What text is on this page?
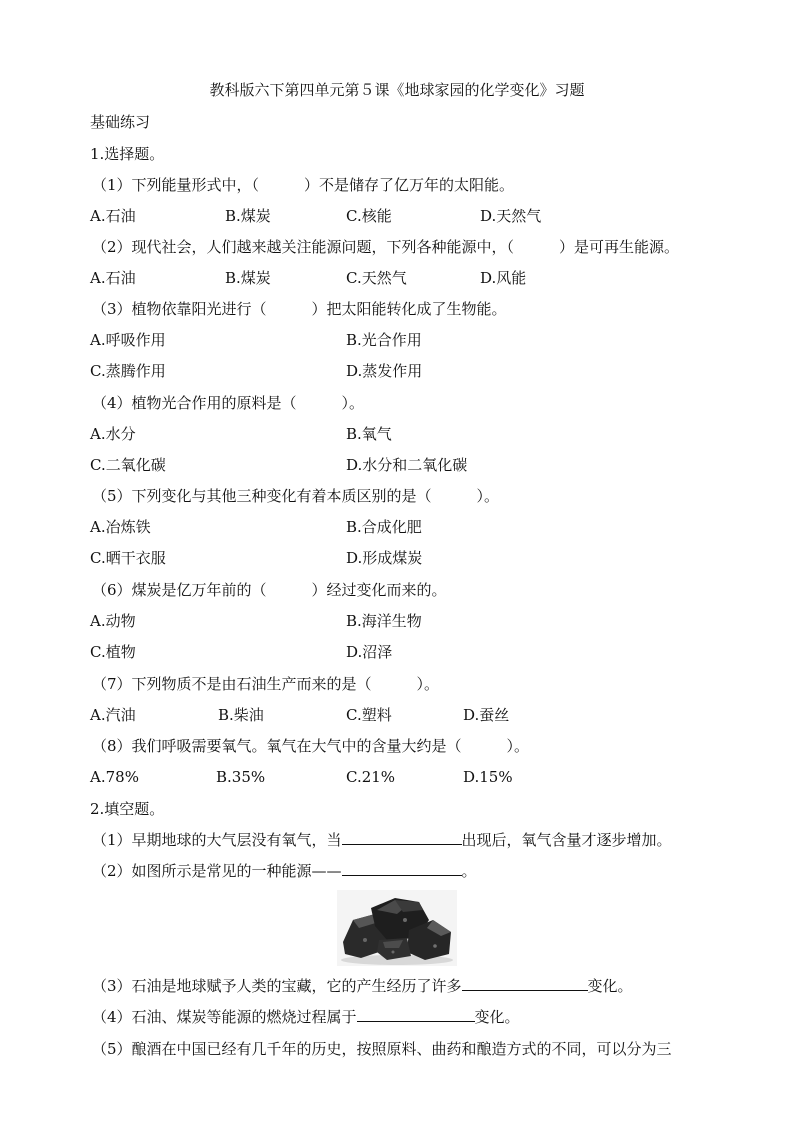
教科版六下第四单元第５课《地球家园的化学变化》习题
基础练习
1.选择题。
（1）下列能量形式中，（　　　）不是储存了亿万年的太阳能。
A.石油	B.煤炭	C.核能	D.天然气
（2）现代社会，人们越来越关注能源问题，下列各种能源中，（　　　）是可再生能源。
A.石油	B.煤炭	C.天然气	D.风能
（3）植物依靠阳光进行（　　　）把太阳能转化成了生物能。
A.呼吸作用	B.光合作用
C.蒸腾作用	D.蒸发作用
（4）植物光合作用的原料是（　　　）。
A.水分	B.氧气
C.二氧化碳	D.水分和二氧化碳
（5）下列变化与其他三种变化有着本质区别的是（　　　）。
A.冶炼铁	B.合成化肥
C.晒干衣服	D.形成煤炭
（6）煤炭是亿万年前的（　　　）经过变化而来的。
A.动物	B.海洋生物
C.植物	D.沼泽
（7）下列物质不是由石油生产而来的是（　　　）。
A.汽油	B.柴油	C.塑料	D.蚕丝
（8）我们呼吸需要氧气。氧气在大气中的含量大约是（　　　）。
A.78%	B.35%	C.21%	D.15%
2.填空题。
（1）早期地球的大气层没有氧气，当	出现后，氧气含量才逐步增加。
（2）如图所示是常见的一种能源——	。
（3）石油是地球赋予人类的宝藏，它的产生经历了许多	变化。
（4）石油、煤炭等能源的燃烧过程属于	变化。
（5）酿酒在中国已经有几千年的历史，按照原料、曲药和酿造方式的不同，可以分为三
